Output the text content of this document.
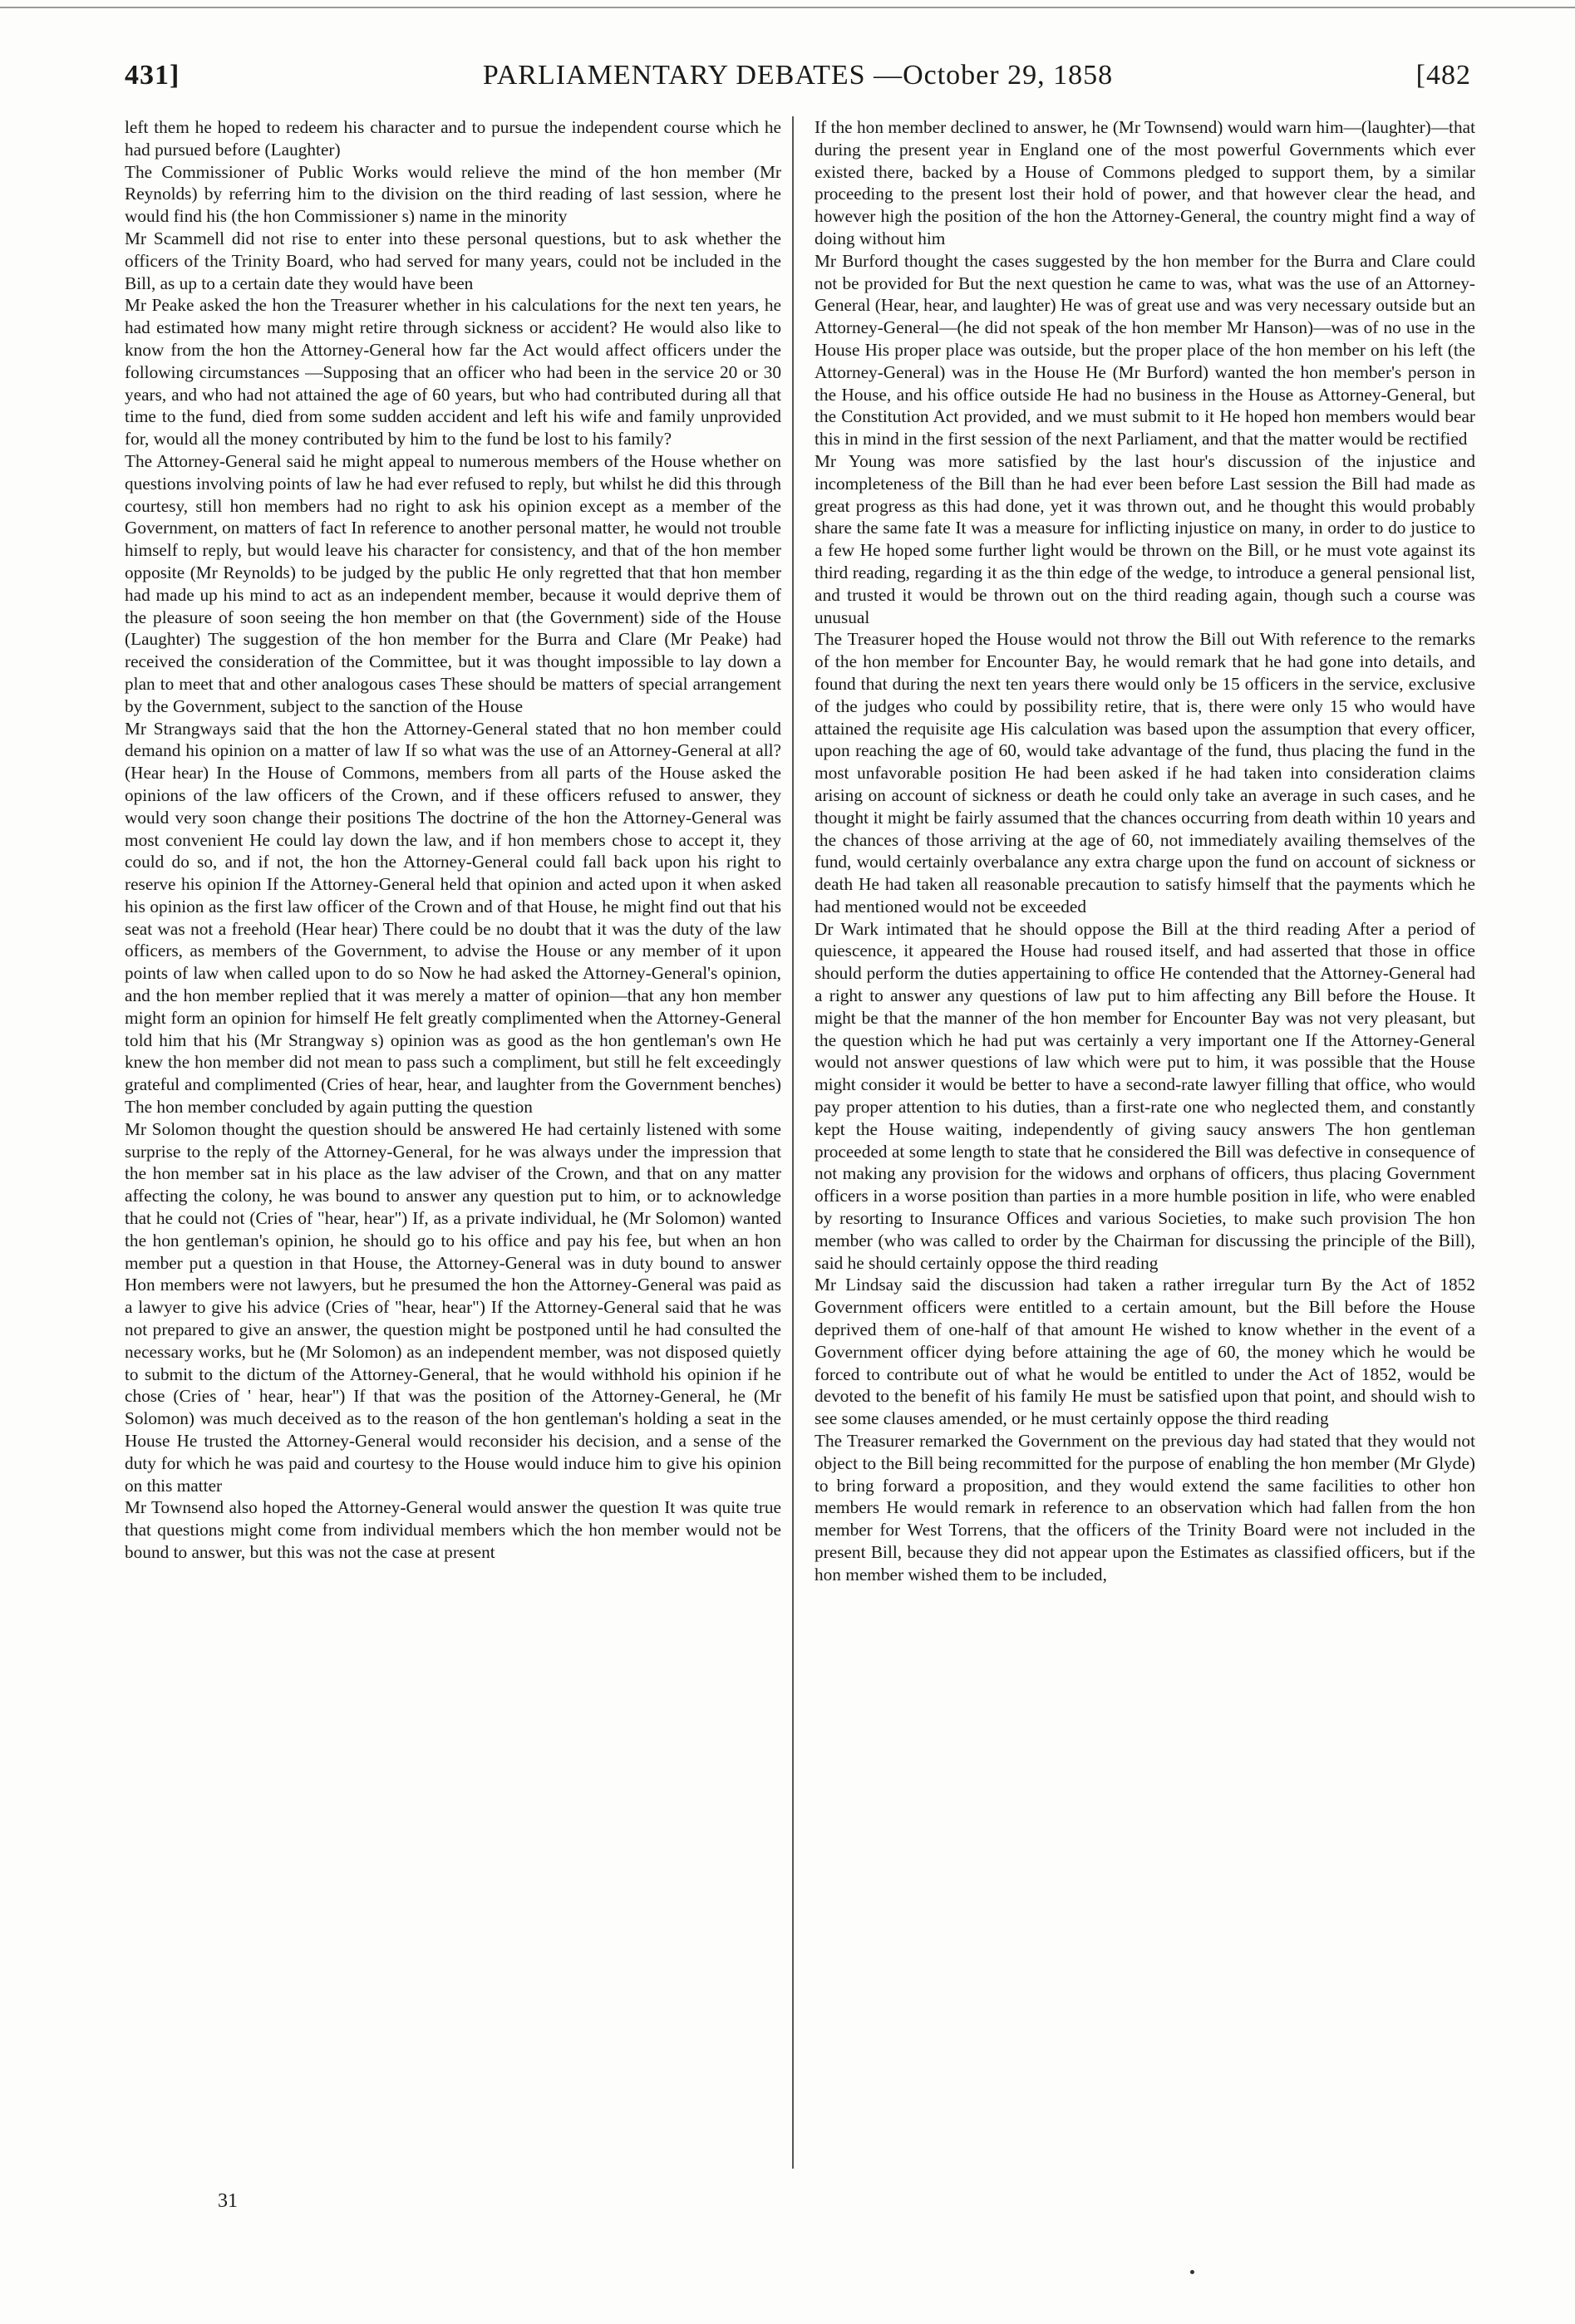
431]	PARLIAMENTARY DEBATES —October 29, 1858	[482

left them he hoped to redeem his character and to pursue the independent course which he had pursued before (Laughter)

The Commissioner of Public Works would relieve the mind of the hon member (Mr Reynolds) by referring him to the division on the third reading of last session, where he would find his (the hon Commissioner s) name in the minority

Mr Scammell did not rise to enter into these personal questions, but to ask whether the officers of the Trinity Board, who had served for many years, could not be included in the Bill, as up to a certain date they would have been

Mr Peake asked the hon the Treasurer whether in his calculations for the next ten years, he had estimated how many might retire through sickness or accident? He would also like to know from the hon the Attorney-General how far the Act would affect officers under the following circumstances —Supposing that an officer who had been in the service 20 or 30 years, and who had not attained the age of 60 years, but who had contributed during all that time to the fund, died from some sudden accident and left his wife and family unprovided for, would all the money contributed by him to the fund be lost to his family?

The Attorney-General said he might appeal to numerous members of the House whether on questions involving points of law he had ever refused to reply, but whilst he did this through courtesy, still hon members had no right to ask his opinion except as a member of the Government, on matters of fact In reference to another personal matter, he would not trouble himself to reply, but would leave his character for consistency, and that of the hon member opposite (Mr Reynolds) to be judged by the public He only regretted that that hon member had made up his mind to act as an independent member, because it would deprive them of the pleasure of soon seeing the hon member on that (the Government) side of the House (Laughter) The suggestion of the hon member for the Burra and Clare (Mr Peake) had received the consideration of the Committee, but it was thought impossible to lay down a plan to meet that and other analogous cases These should be matters of special arrangement by the Government, subject to the sanction of the House

Mr Strangways said that the hon the Attorney-General stated that no hon member could demand his opinion on a matter of law If so what was the use of an Attorney-General at all? (Hear hear) In the House of Commons, members from all parts of the House asked the opinions of the law officers of the Crown, and if these officers refused to answer, they would very soon change their positions The doctrine of the hon the Attorney-General was most convenient He could lay down the law, and if hon members chose to accept it, they could do so, and if not, the hon the Attorney-General could fall back upon his right to reserve his opinion If the Attorney-General held that opinion and acted upon it when asked his opinion as the first law officer of the Crown and of that House, he might find out that his seat was not a freehold (Hear hear) There could be no doubt that it was the duty of the law officers, as members of the Government, to advise the House or any member of it upon points of law when called upon to do so Now he had asked the Attorney-General's opinion, and the hon member replied that it was merely a matter of opinion—that any hon member might form an opinion for himself He felt greatly complimented when the Attorney-General told him that his (Mr Strangway s) opinion was as good as the hon gentleman's own He knew the hon member did not mean to pass such a compliment, but still he felt exceedingly grateful and complimented (Cries of hear, hear, and laughter from the Government benches) The hon member concluded by again putting the question

Mr Solomon thought the question should be answered He had certainly listened with some surprise to the reply of the Attorney-General, for he was always under the impression that the hon member sat in his place as the law adviser of the Crown, and that on any matter affecting the colony, he was bound to answer any question put to him, or to acknowledge that he could not (Cries of "hear, hear") If, as a private individual, he (Mr Solomon) wanted the hon gentleman's opinion, he should go to his office and pay his fee, but when an hon member put a question in that House, the Attorney-General was in duty bound to answer Hon members were not lawyers, but he presumed the hon the Attorney-General was paid as a lawyer to give his advice (Cries of "hear, hear") If the Attorney-General said that he was not prepared to give an answer, the question might be postponed until he had consulted the necessary works, but he (Mr Solomon) as an independent member, was not disposed quietly to submit to the dictum of the Attorney-General, that he would withhold his opinion if he chose (Cries of ' hear, hear") If that was the position of the Attorney-General, he (Mr Solomon) was much deceived as to the reason of the hon gentleman's holding a seat in the House He trusted the Attorney-General would reconsider his decision, and a sense of the duty for which he was paid and courtesy to the House would induce him to give his opinion on this matter

Mr Townsend also hoped the Attorney-General would answer the question It was quite true that questions might come from individual members which the hon member would not be bound to answer, but this was not the case at present

If the hon member declined to answer, he (Mr Townsend) would warn him—(laughter)—that during the present year in England one of the most powerful Governments which ever existed there, backed by a House of Commons pledged to support them, by a similar proceeding to the present lost their hold of power, and that however clear the head, and however high the position of the hon the Attorney-General, the country might find a way of doing without him

Mr Burford thought the cases suggested by the hon member for the Burra and Clare could not be provided for But the next question he came to was, what was the use of an Attorney-General (Hear, hear, and laughter) He was of great use and was very necessary outside but an Attorney-General—(he did not speak of the hon member Mr Hanson)—was of no use in the House His proper place was outside, but the proper place of the hon member on his left (the Attorney-General) was in the House He (Mr Burford) wanted the hon member's person in the House, and his office outside He had no business in the House as Attorney-General, but the Constitution Act provided, and we must submit to it He hoped hon members would bear this in mind in the first session of the next Parliament, and that the matter would be rectified

Mr Young was more satisfied by the last hour's discussion of the injustice and incompleteness of the Bill than he had ever been before Last session the Bill had made as great progress as this had done, yet it was thrown out, and he thought this would probably share the same fate It was a measure for inflicting injustice on many, in order to do justice to a few He hoped some further light would be thrown on the Bill, or he must vote against its third reading, regarding it as the thin edge of the wedge, to introduce a general pensional list, and trusted it would be thrown out on the third reading again, though such a course was unusual

The Treasurer hoped the House would not throw the Bill out With reference to the remarks of the hon member for Encounter Bay, he would remark that he had gone into details, and found that during the next ten years there would only be 15 officers in the service, exclusive of the judges who could by possibility retire, that is, there were only 15 who would have attained the requisite age His calculation was based upon the assumption that every officer, upon reaching the age of 60, would take advantage of the fund, thus placing the fund in the most unfavorable position He had been asked if he had taken into consideration claims arising on account of sickness or death he could only take an average in such cases, and he thought it might be fairly assumed that the chances occurring from death within 10 years and the chances of those arriving at the age of 60, not immediately availing themselves of the fund, would certainly overbalance any extra charge upon the fund on account of sickness or death He had taken all reasonable precaution to satisfy himself that the payments which he had mentioned would not be exceeded

Dr Wark intimated that he should oppose the Bill at the third reading After a period of quiescence, it appeared the House had roused itself, and had asserted that those in office should perform the duties appertaining to office He contended that the Attorney-General had a right to answer any questions of law put to him affecting any Bill before the House. It might be that the manner of the hon member for Encounter Bay was not very pleasant, but the question which he had put was certainly a very important one If the Attorney-General would not answer questions of law which were put to him, it was possible that the House might consider it would be better to have a second-rate lawyer filling that office, who would pay proper attention to his duties, than a first-rate one who neglected them, and constantly kept the House waiting, independently of giving saucy answers The hon gentleman proceeded at some length to state that he considered the Bill was defective in consequence of not making any provision for the widows and orphans of officers, thus placing Government officers in a worse position than parties in a more humble position in life, who were enabled by resorting to Insurance Offices and various Societies, to make such provision The hon member (who was called to order by the Chairman for discussing the principle of the Bill), said he should certainly oppose the third reading

Mr Lindsay said the discussion had taken a rather irregular turn By the Act of 1852 Government officers were entitled to a certain amount, but the Bill before the House deprived them of one-half of that amount He wished to know whether in the event of a Government officer dying before attaining the age of 60, the money which he would be forced to contribute out of what he would be entitled to under the Act of 1852, would be devoted to the benefit of his family He must be satisfied upon that point, and should wish to see some clauses amended, or he must certainly oppose the third reading

The Treasurer remarked the Government on the previous day had stated that they would not object to the Bill being recommitted for the purpose of enabling the hon member (Mr Glyde) to bring forward a proposition, and they would extend the same facilities to other hon members He would remark in reference to an observation which had fallen from the hon member for West Torrens, that the officers of the Trinity Board were not included in the present Bill, because they did not appear upon the Estimates as classified officers, but if the hon member wished them to be included,

31
